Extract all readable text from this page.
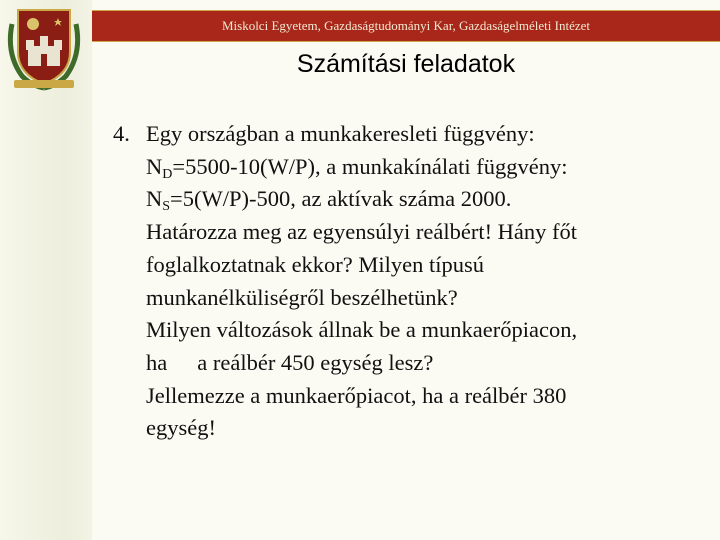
Miskolci Egyetem, Gazdaságtudományi Kar, Gazdaságelméleti Intézet
Számítási feladatok
4. Egy országban a munkakeresleti függvény:
$N_D=5500-10(W/P)$, a munkakínálati függvény:
$N_S=5(W/P)-500$, az aktívak száma 2000.
Határozza meg az egyensúlyi reálbért! Hány főt
foglalkoztatnak ekkor? Milyen típusú
munkanélküliségről beszélhetünk?
Milyen változások állnak be a munkaerőpiacon,
ha a reálbér 450 egység lesz?
Jellemezze a munkaerőpiacot, ha a reálbér 380
egység!
